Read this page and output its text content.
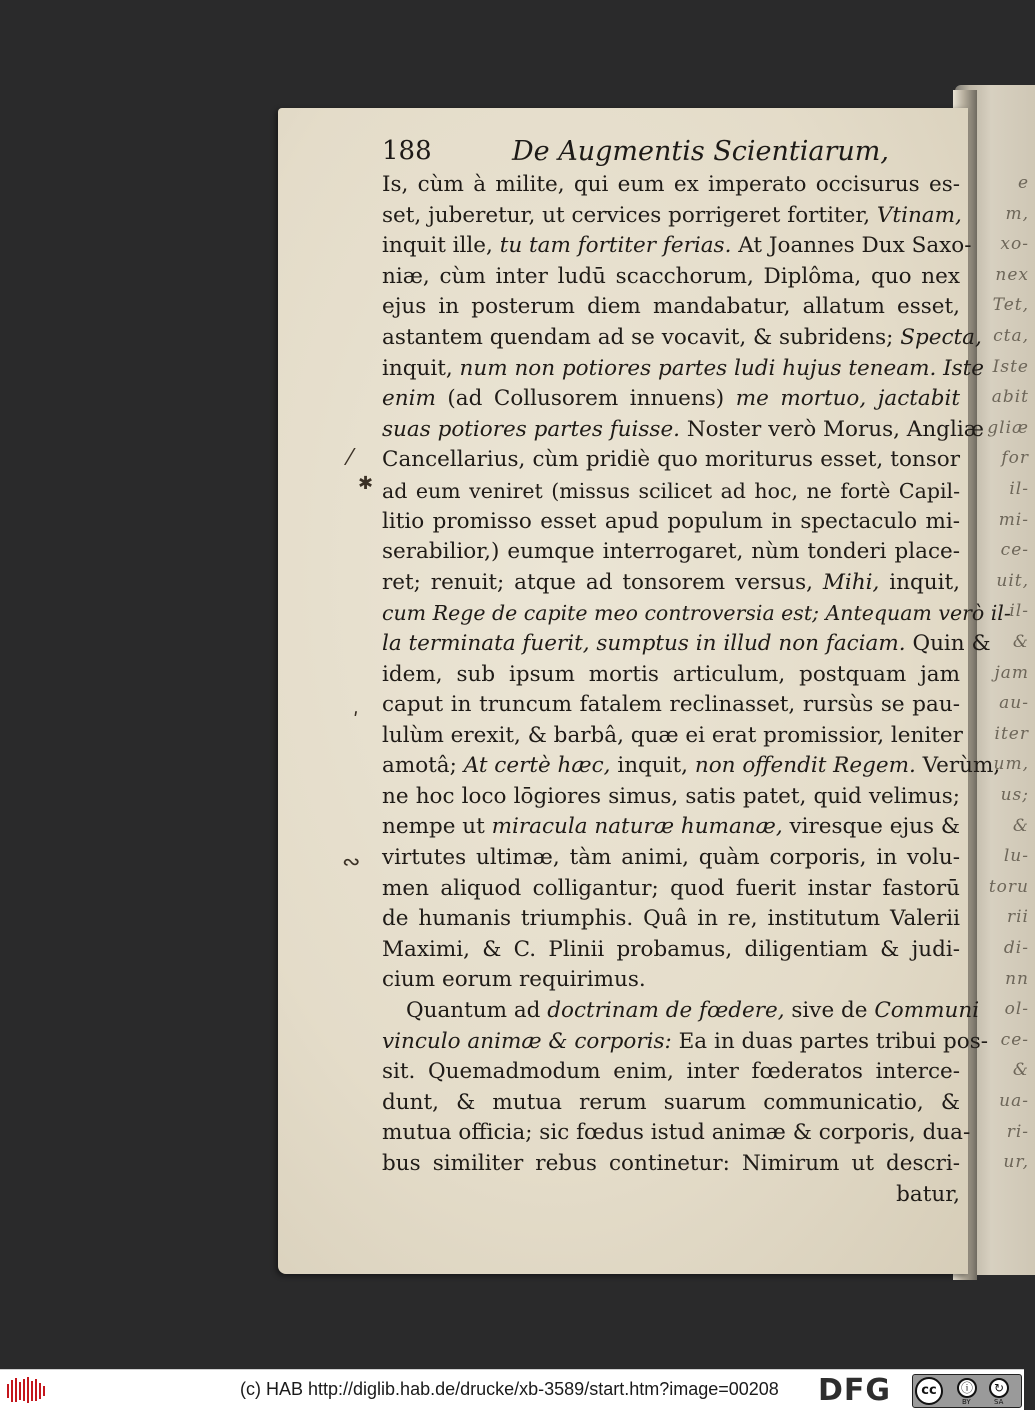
e
m,
xo-
nex
Tet,
cta,
Iste
abit
gliæ
for
il-
mi-
ce-
uit,
il-
&
jam
au-
iter
um,
us;
&
lu-
toru
rii
di-
nn
ol-
ce-
&
ua-
ri-
ur,
188	De Augmentis Scientiarum,
Is, cùm à milite, qui eum ex imperato occisurus es-
set, juberetur, ut cervices porrigeret fortiter, Vtinam,
inquit ille, tu tam fortiter ferias. At Joannes Dux Saxo-
niæ, cùm inter ludū scacchorum, Diplôma, quo nex
ejus in posterum diem mandabatur, allatum esset,
astantem quendam ad se vocavit, & subridens; Specta,
inquit, num non potiores partes ludi hujus teneam. Iste
enim (ad Collusorem innuens) me mortuo, jactabit
suas potiores partes fuisse. Noster verò Morus, Angliæ
Cancellarius, cùm pridiè quo moriturus esset, tonsor
ad eum veniret (missus scilicet ad hoc, ne fortè Capil-
litio promisso esset apud populum in spectaculo mi-
serabilior,) eumque interrogaret, nùm tonderi place-
ret; renuit; atque ad tonsorem versus, Mihi, inquit,
cum Rege de capite meo controversia est; Antequam verò il-
la terminata fuerit, sumptus in illud non faciam. Quin &
idem, sub ipsum mortis articulum, postquam jam
caput in truncum fatalem reclinasset, rursùs se pau-
lulùm erexit, & barbâ, quæ ei erat promissior, leniter
amotâ; At certè hæc, inquit, non offendit Regem. Verùm,
ne hoc loco lōgiores simus, satis patet, quid velimus;
nempe ut miracula naturæ humanæ, viresque ejus &
virtutes ultimæ, tàm animi, quàm corporis, in volu-
men aliquod colligantur; quod fuerit instar fastorū
de humanis triumphis. Quâ in re, institutum Valerii
Maximi, & C. Plinii probamus, diligentiam & judi-
cium eorum requirimus.
Quantum ad doctrinam de fœdere, sive de Communi
vinculo animæ & corporis: Ea in duas partes tribui pos-
sit. Quemadmodum enim, inter fœderatos interce-
dunt, & mutua rerum suarum communicatio, &
mutua officia; sic fœdus istud animæ & corporis, dua-
bus similiter rebus continetur: Nimirum ut descri-
batur,
⁄
✱
ʹ
∾
(c) HAB http://diglib.hab.de/drucke/xb-3589/start.htm?image=00208 DFG	cc	ⓘ	↻
BY	SA
